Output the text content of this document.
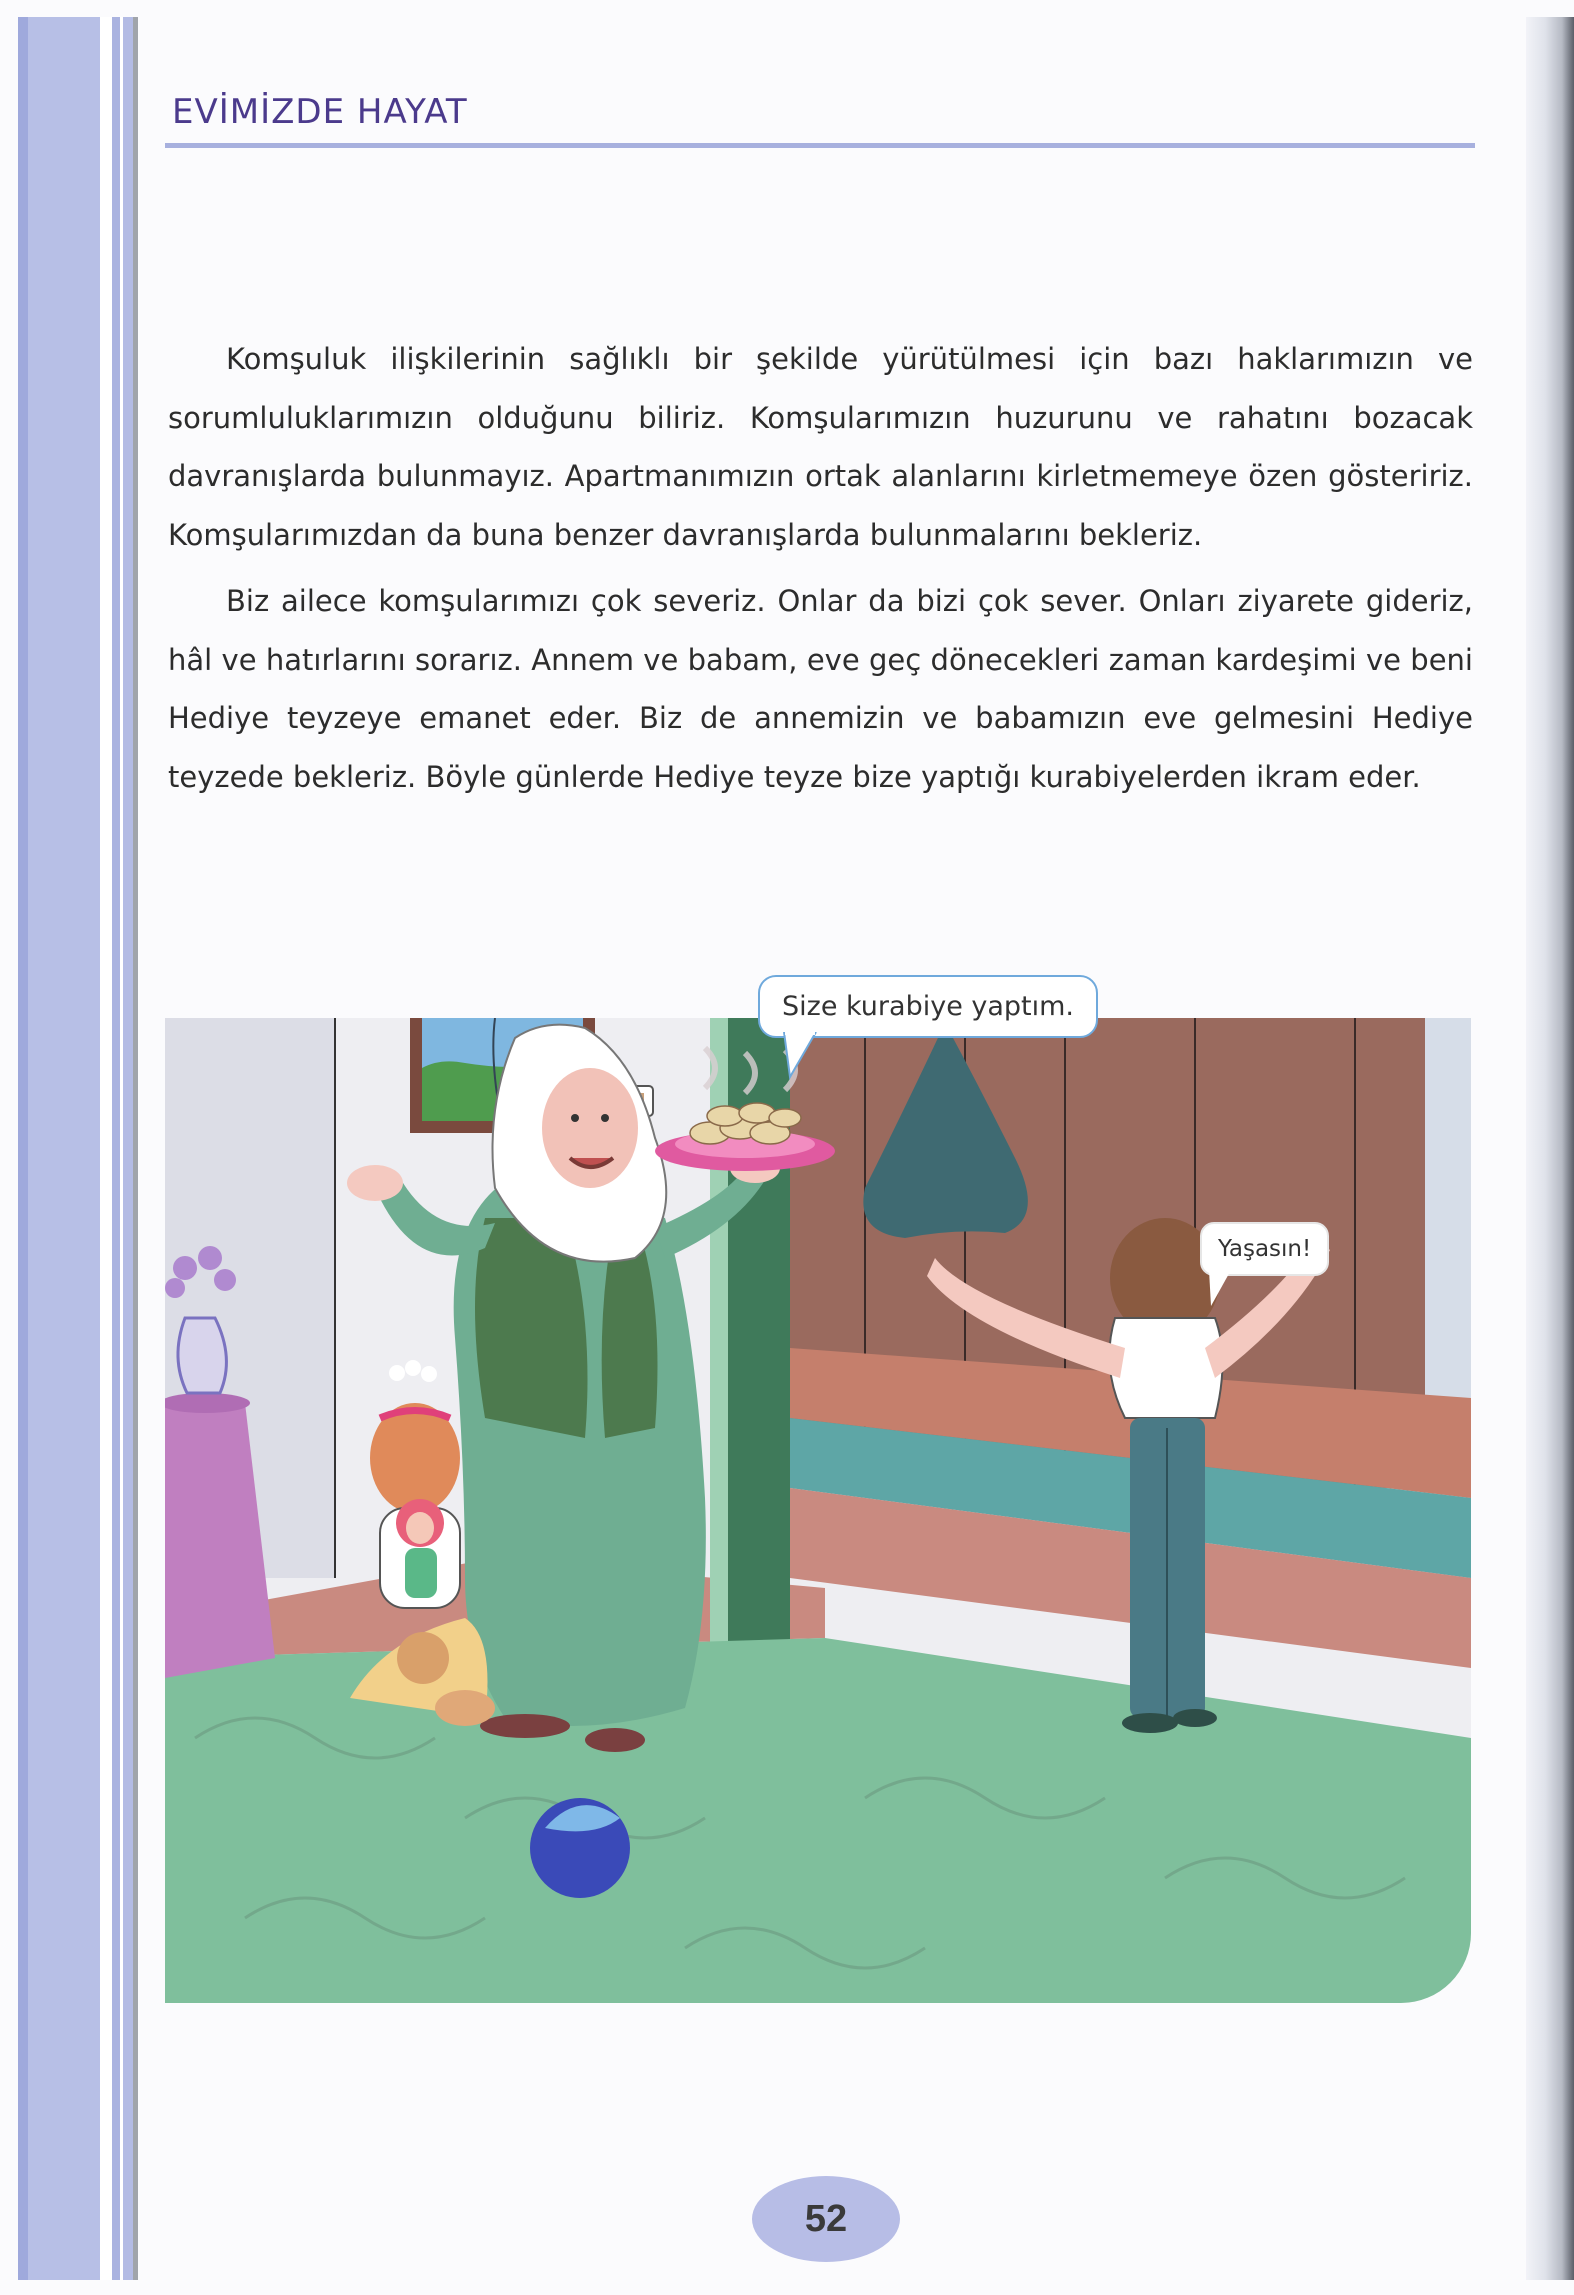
EVİMİZDE HAYAT

Komşuluk ilişkilerinin sağlıklı bir şekilde yürütülmesi için bazı haklarımızın ve sorumluluklarımızın olduğunu biliriz. Komşularımızın huzurunu ve rahatını bozacak davranışlarda bulunmayız. Apartmanımızın ortak alanlarını kirletmemeye özen gösteririz. Komşularımızdan da buna benzer davranışlarda bulunmalarını bekleriz.

Biz ailece komşularımızı çok severiz. Onlar da bizi çok sever. Onları ziyarete gideriz, hâl ve hatırlarını sorarız. Annem ve babam, eve geç dönecekleri zaman kardeşimi ve beni Hediye teyzeye emanet eder. Biz de annemizin ve babamızın eve gelmesini Hediye teyzede bekleriz. Böyle günlerde Hediye teyze bize yaptığı kurabiyelerden ikram eder.

Size kurabiye yaptım.
Yaşasın!
52
